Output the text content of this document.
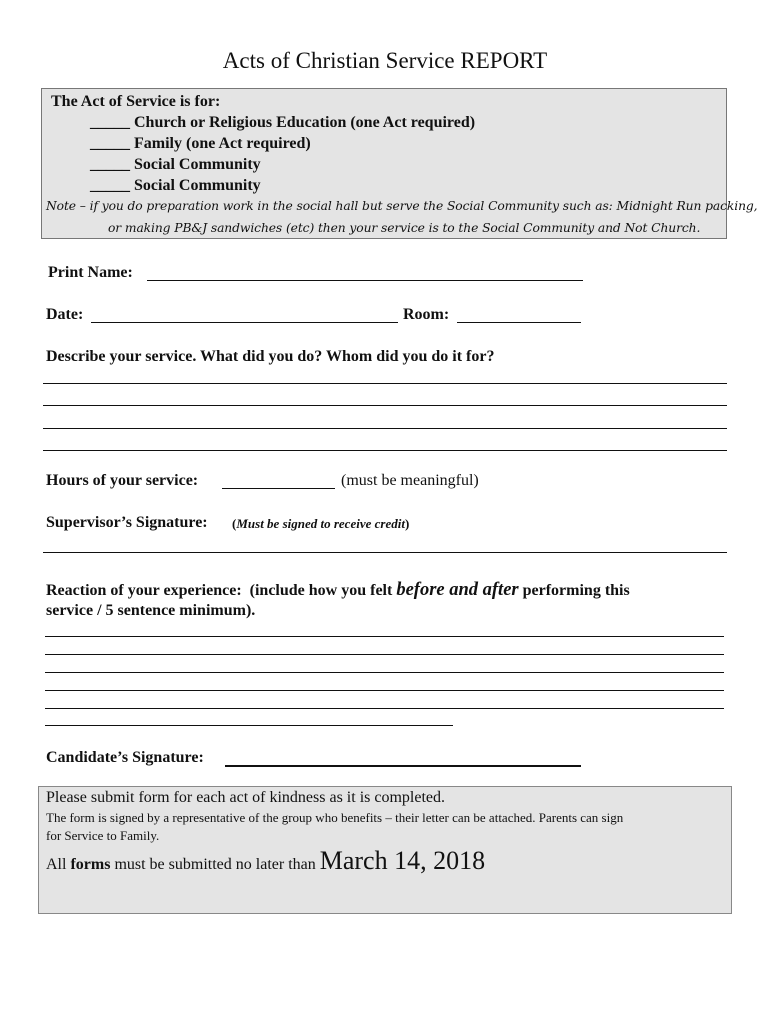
Acts of Christian Service REPORT
The Act of Service is for:
_____ Church or Religious Education (one Act required)
_____ Family (one Act required)
_____ Social Community
_____ Social Community
Note – if you do preparation work in the social hall but serve the Social Community such as: Midnight Run packing,
or making PB&J sandwiches (etc) then your service is to the Social Community and Not Church.
Print Name:
Date:	Room:
Describe your service. What did you do? Whom did you do it for?
Hours of your service:	(must be meaningful)
Supervisor’s Signature: (Must be signed to receive credit)
Reaction of your experience: (include how you felt before and after performing this
service / 5 sentence minimum).
Candidate’s Signature:
Please submit form for each act of kindness as it is completed.
The form is signed by a representative of the group who benefits – their letter can be attached. Parents can sign
for Service to Family.
All forms must be submitted no later than March 14, 2018
